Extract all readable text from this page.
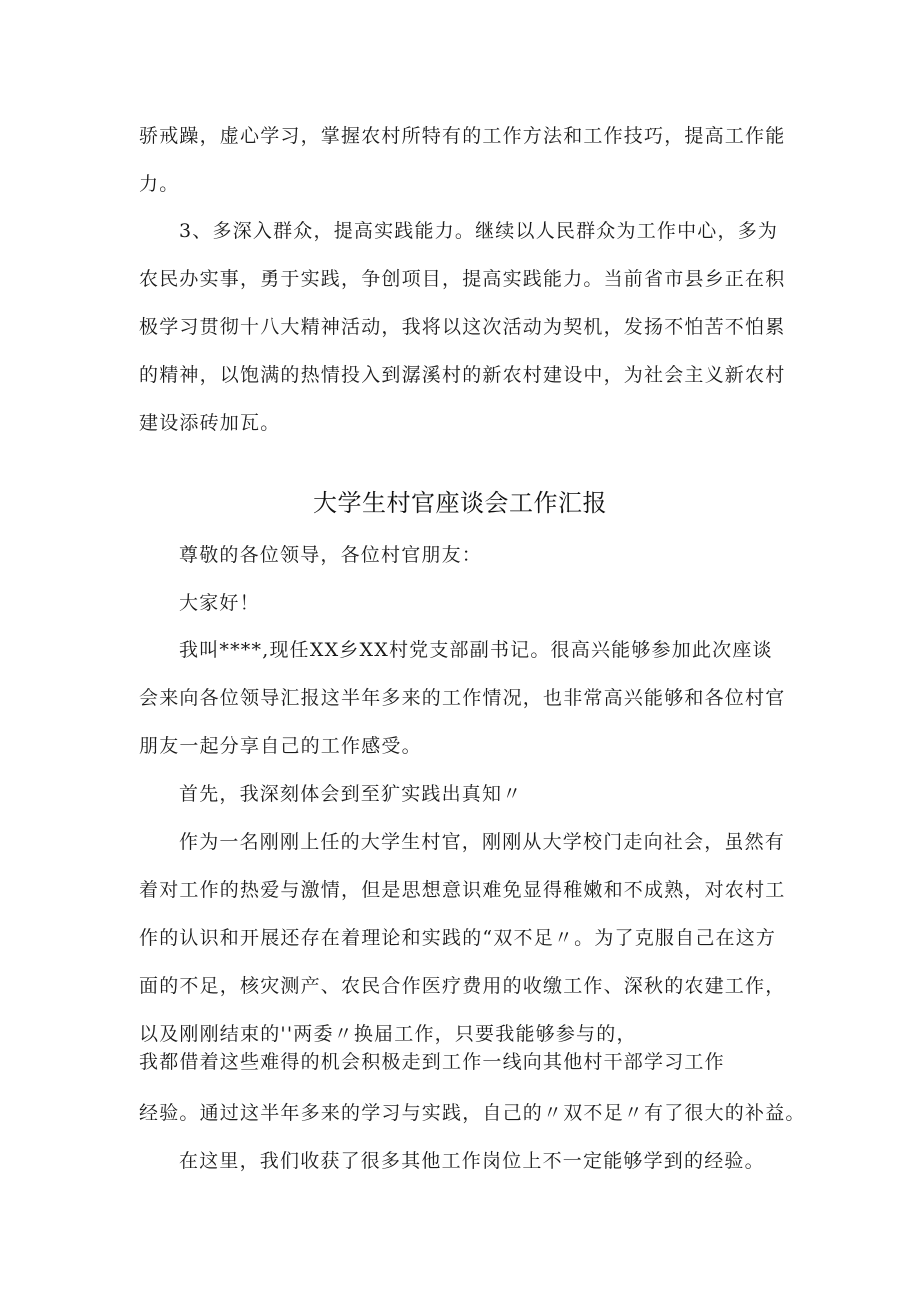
骄戒躁，虚心学习，掌握农村所特有的工作方法和工作技巧，提高工作能
力。
3、多深入群众，提高实践能力。继续以人民群众为工作中心，多为
农民办实事，勇于实践，争创项目，提高实践能力。当前省市县乡正在积
极学习贯彻十八大精神活动，我将以这次活动为契机，发扬不怕苦不怕累
的精神，以饱满的热情投入到潺溪村的新农村建设中，为社会主义新农村
建设添砖加瓦。
大学生村官座谈会工作汇报
尊敬的各位领导，各位村官朋友：
大家好！
我叫****,现任XX乡XX村党支部副书记。很高兴能够参加此次座谈
会来向各位领导汇报这半年多来的工作情况，也非常高兴能够和各位村官
朋友一起分享自己的工作感受。
首先，我深刻体会到至犷实践出真知〃
作为一名刚刚上任的大学生村官，刚刚从大学校门走向社会，虽然有
着对工作的热爱与激情，但是思想意识难免显得稚嫩和不成熟，对农村工
作的认识和开展还存在着理论和实践的“双不足〃。为了克服自己在这方
面的不足，核灾测产、农民合作医疗费用的收缴工作、深秋的农建工作，
以及刚刚结束的''两委〃换届工作，只要我能够参与的，
我都借着这些难得的机会积极走到工作一线向其他村干部学习工作
经验。通过这半年多来的学习与实践，自己的〃双不足〃有了很大的补益。
在这里，我们收获了很多其他工作岗位上不一定能够学到的经验。
